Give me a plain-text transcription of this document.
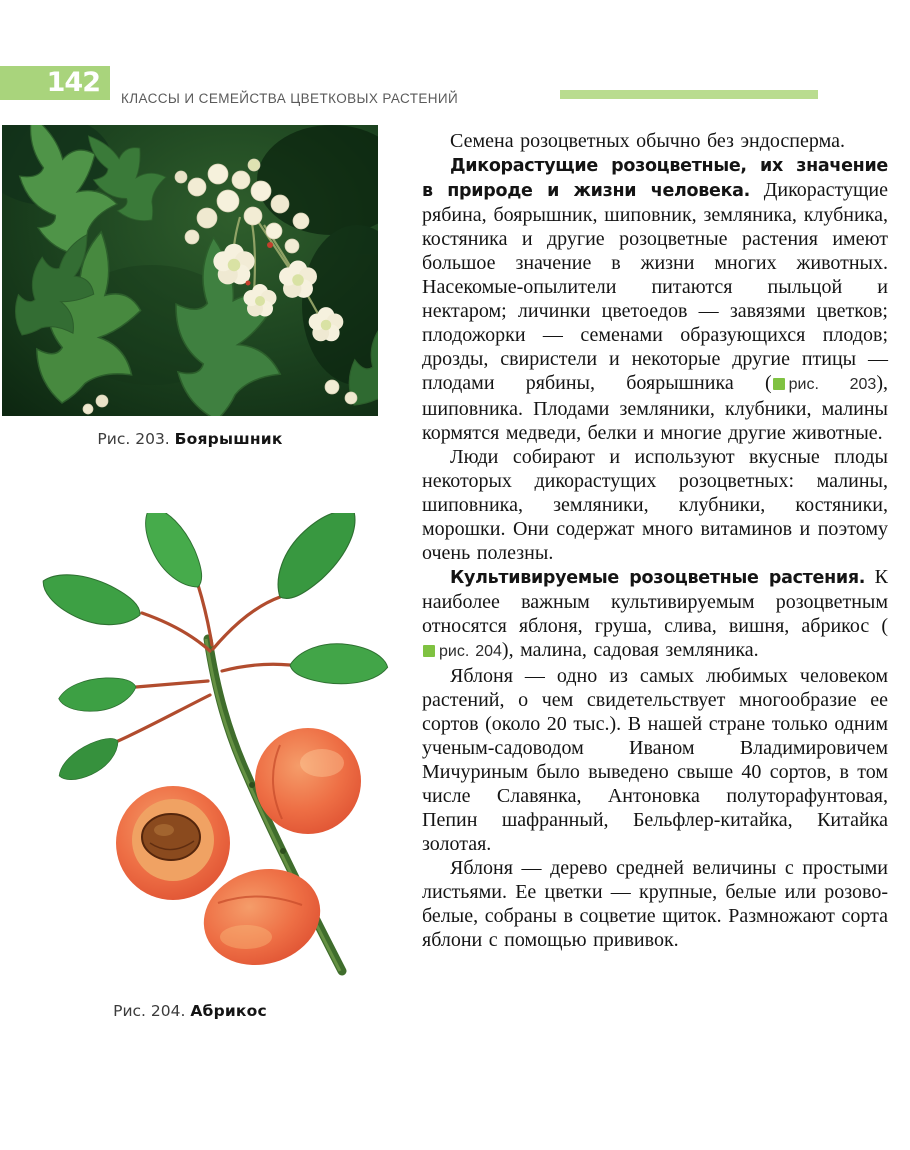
142
КЛАССЫ И СЕМЕЙСТВА ЦВЕТКОВЫХ РАСТЕНИЙ
Рис. 203. Боярышник
Рис. 204. Абрикос

Семена розоцветных обычно без эндосперма.

Дикорастущие розоцветные, их значение в природе и жизни человека. Дикорастущие рябина, боярышник, шиповник, земляника, клубника, костяника и другие розоцветные растения имеют большое значение в жизни многих животных. Насекомые-опылители питаются пыльцой и нектаром; личинки цветоедов — завязями цветков; плодожорки — семенами образующихся плодов; дрозды, свиристели и некоторые другие птицы — плодами рябины, боярышника ( рис. 203), шиповника. Плодами земляники, клубники, малины кормятся медведи, белки и многие другие животные.

Люди собирают и используют вкусные плоды некоторых дикорастущих розоцветных: малины, шиповника, земляники, клубники, костяники, морошки. Они содержат много витаминов и поэтому очень полезны.

Культивируемые розоцветные растения. К наиболее важным культивируемым розоцветным относятся яблоня, груша, слива, вишня, абрикос (рис. 204), малина, садовая земляника.

Яблоня — одно из самых любимых человеком растений, о чем свидетельствует многообразие ее сортов (около 20 тыс.). В нашей стране только одним ученым-садоводом Иваном Владимировичем Мичуриным было выведено свыше 40 сортов, в том числе Славянка, Антоновка полуторафунтовая, Пепин шафранный, Бельфлер-китайка, Китайка золотая.

Яблоня — дерево средней величины с простыми листьями. Ее цветки — крупные, белые или розово-белые, собраны в соцветие щиток. Размножают сорта яблони с помощью прививок.
